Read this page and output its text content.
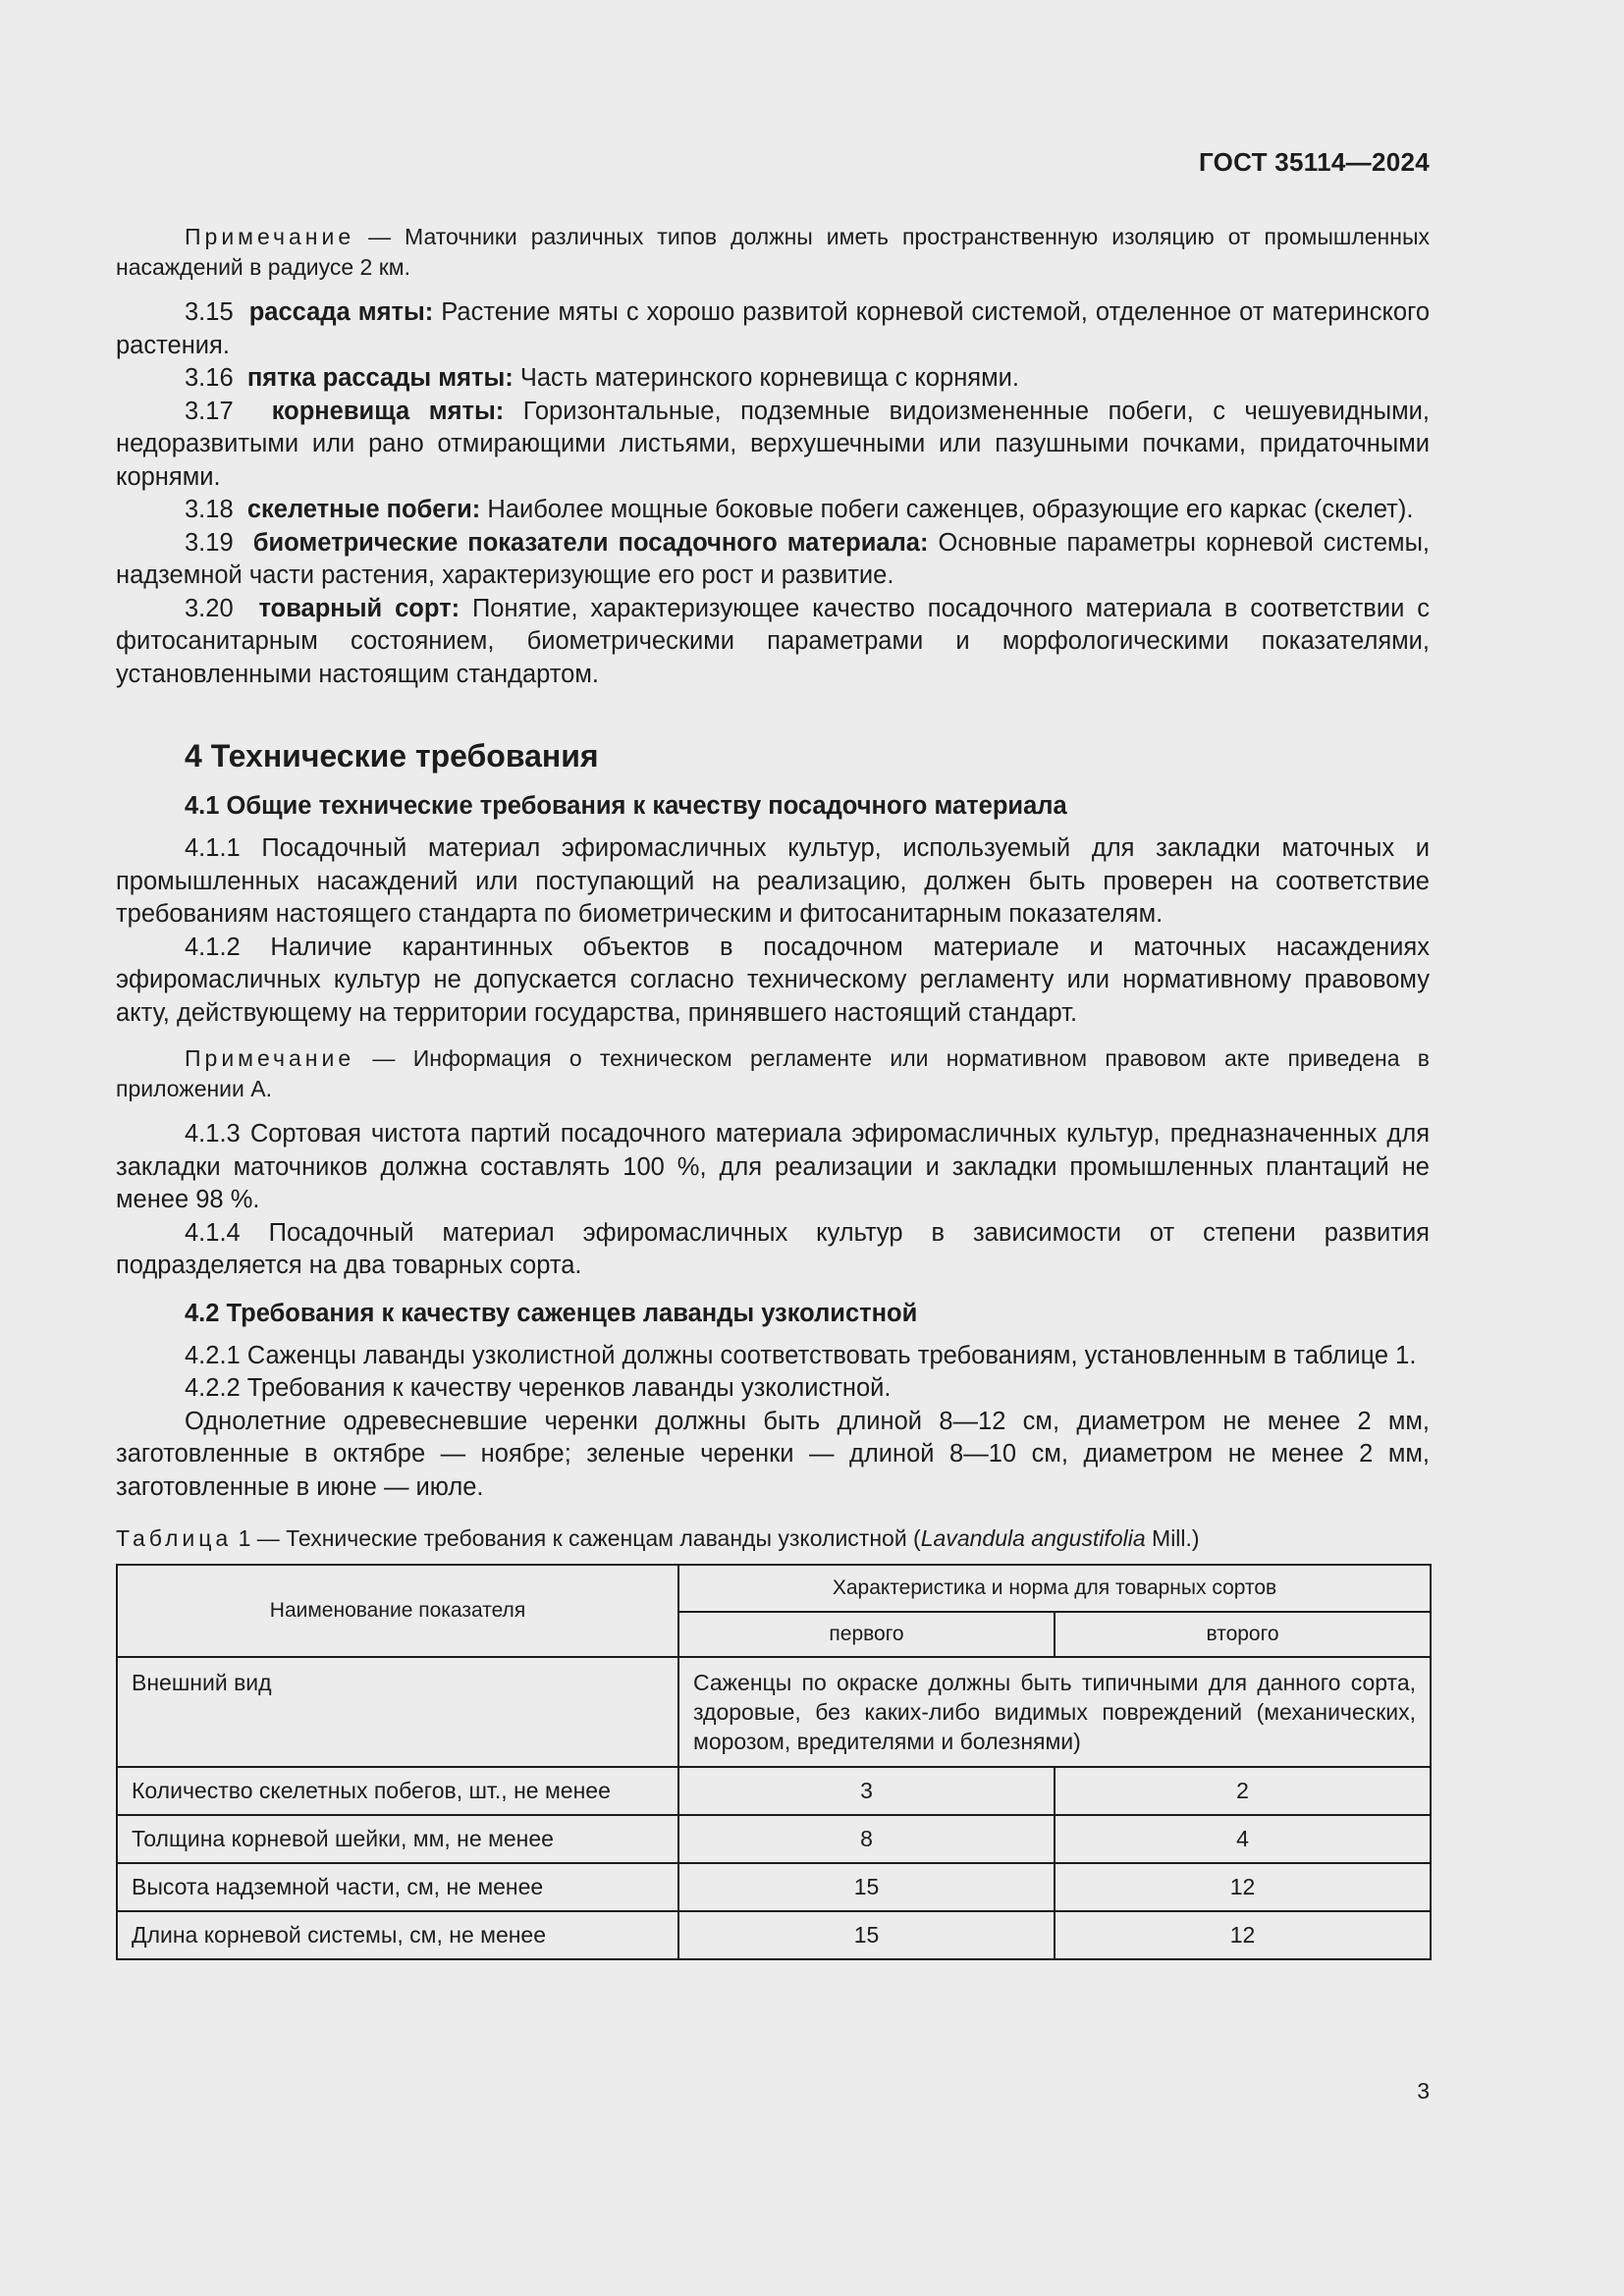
ГОСТ 35114—2024

Примечание — Маточники различных типов должны иметь пространственную изоляцию от промышленных насаждений в радиусе 2 км.

3.15 рассада мяты: Растение мяты с хорошо развитой корневой системой, отделенное от материнского растения.

3.16 пятка рассады мяты: Часть материнского корневища с корнями.

3.17 корневища мяты: Горизонтальные, подземные видоизмененные побеги, с чешуевидными, недоразвитыми или рано отмирающими листьями, верхушечными или пазушными почками, придаточными корнями.

3.18 скелетные побеги: Наиболее мощные боковые побеги саженцев, образующие его каркас (скелет).

3.19 биометрические показатели посадочного материала: Основные параметры корневой системы, надземной части растения, характеризующие его рост и развитие.

3.20 товарный сорт: Понятие, характеризующее качество посадочного материала в соответствии с фитосанитарным состоянием, биометрическими параметрами и морфологическими показателями, установленными настоящим стандартом.

4 Технические требования
4.1 Общие технические требования к качеству посадочного материала

4.1.1 Посадочный материал эфиромасличных культур, используемый для закладки маточных и промышленных насаждений или поступающий на реализацию, должен быть проверен на соответствие требованиям настоящего стандарта по биометрическим и фитосанитарным показателям.

4.1.2 Наличие карантинных объектов в посадочном материале и маточных насаждениях эфиромасличных культур не допускается согласно техническому регламенту или нормативному правовому акту, действующему на территории государства, принявшего настоящий стандарт.

Примечание — Информация о техническом регламенте или нормативном правовом акте приведена в приложении А.

4.1.3 Сортовая чистота партий посадочного материала эфиромасличных культур, предназначенных для закладки маточников должна составлять 100 %, для реализации и закладки промышленных плантаций не менее 98 %.

4.1.4 Посадочный материал эфиромасличных культур в зависимости от степени развития подразделяется на два товарных сорта.

4.2 Требования к качеству саженцев лаванды узколистной

4.2.1 Саженцы лаванды узколистной должны соответствовать требованиям, установленным в таблице 1.

4.2.2 Требования к качеству черенков лаванды узколистной.

Однолетние одревесневшие черенки должны быть длиной 8—12 см, диаметром не менее 2 мм, заготовленные в октябре — ноябре; зеленые черенки — длиной 8—10 см, диаметром не менее 2 мм, заготовленные в июне — июле.

Таблица 1 — Технические требования к саженцам лаванды узколистной (Lavandula angustifolia Mill.)
Наименование показателя	Характеристика и норма для товарных сортов	
	первого	второго
Внешний вид	Саженцы по окраске должны быть типичными для данного сорта, здоровые, без каких-либо видимых повреждений (механических, морозом, вредителями и болезнями)	
Количество скелетных побегов, шт., не менее	3	2
Толщина корневой шейки, мм, не менее	8	4
Высота надземной части, см, не менее	15	12
Длина корневой системы, см, не менее	15	12
3
